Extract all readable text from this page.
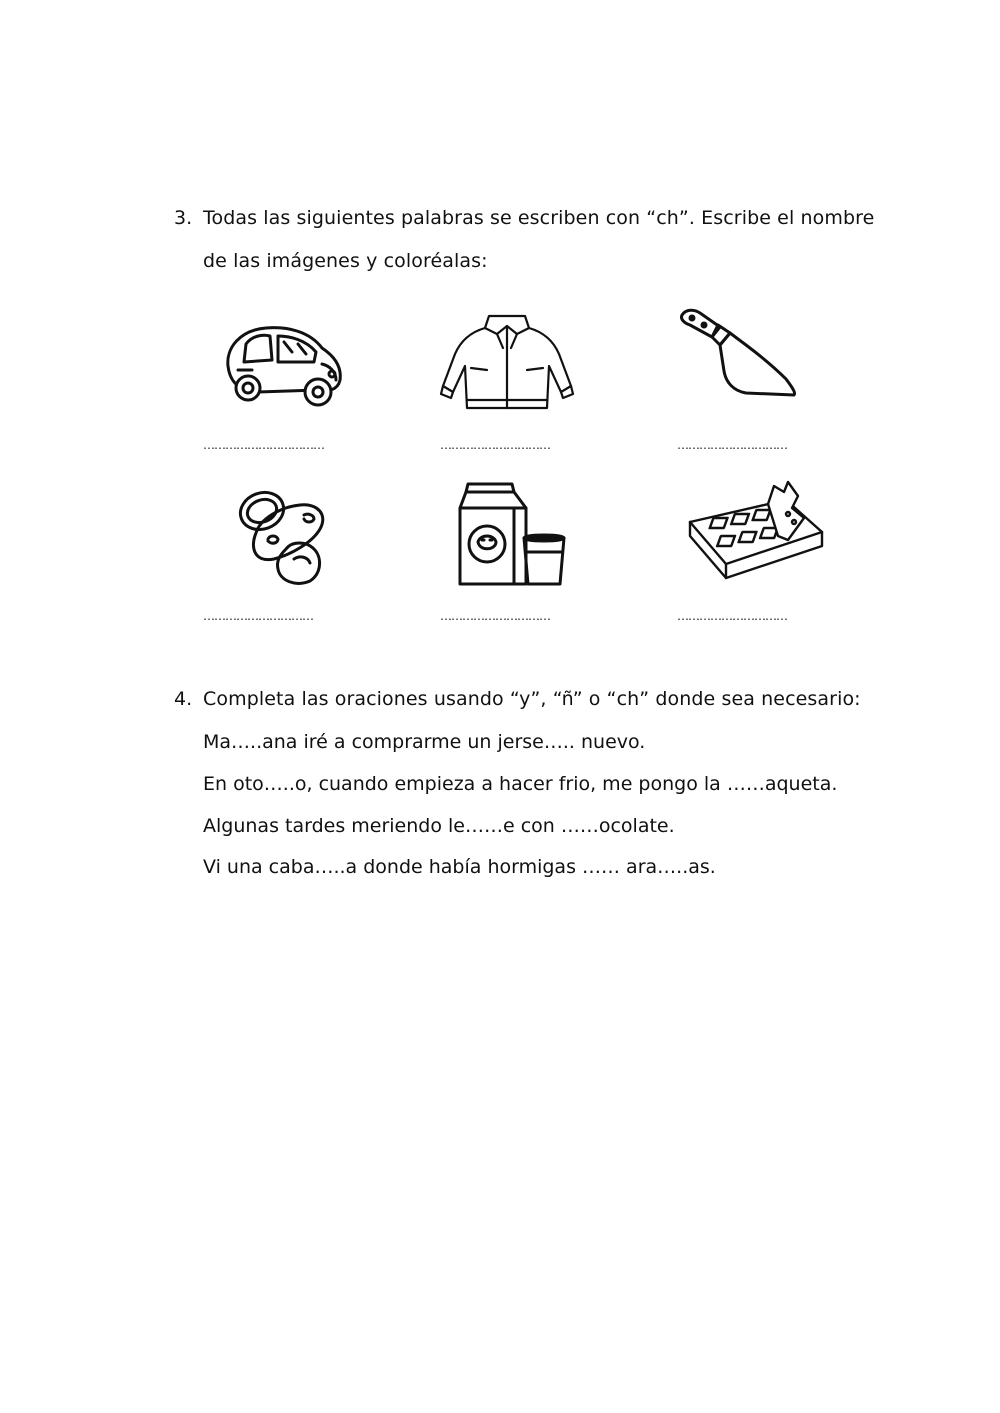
3. Todas las siguientes palabras se escriben con “ch”. Escribe el nombre
de las imágenes y coloréalas:
……………………………	…………………………	…………………………
…………………………	…………………………	…………………………
4. Completa las oraciones usando “y”, “ñ” o “ch” donde sea necesario:
Ma…..ana iré a comprarme un jerse….. nuevo.
En oto…..o, cuando empieza a hacer frio, me pongo la ……aqueta.
Algunas tardes meriendo le……e con ……ocolate.
Vi una caba…..a donde había hormigas …… ara…..as.
